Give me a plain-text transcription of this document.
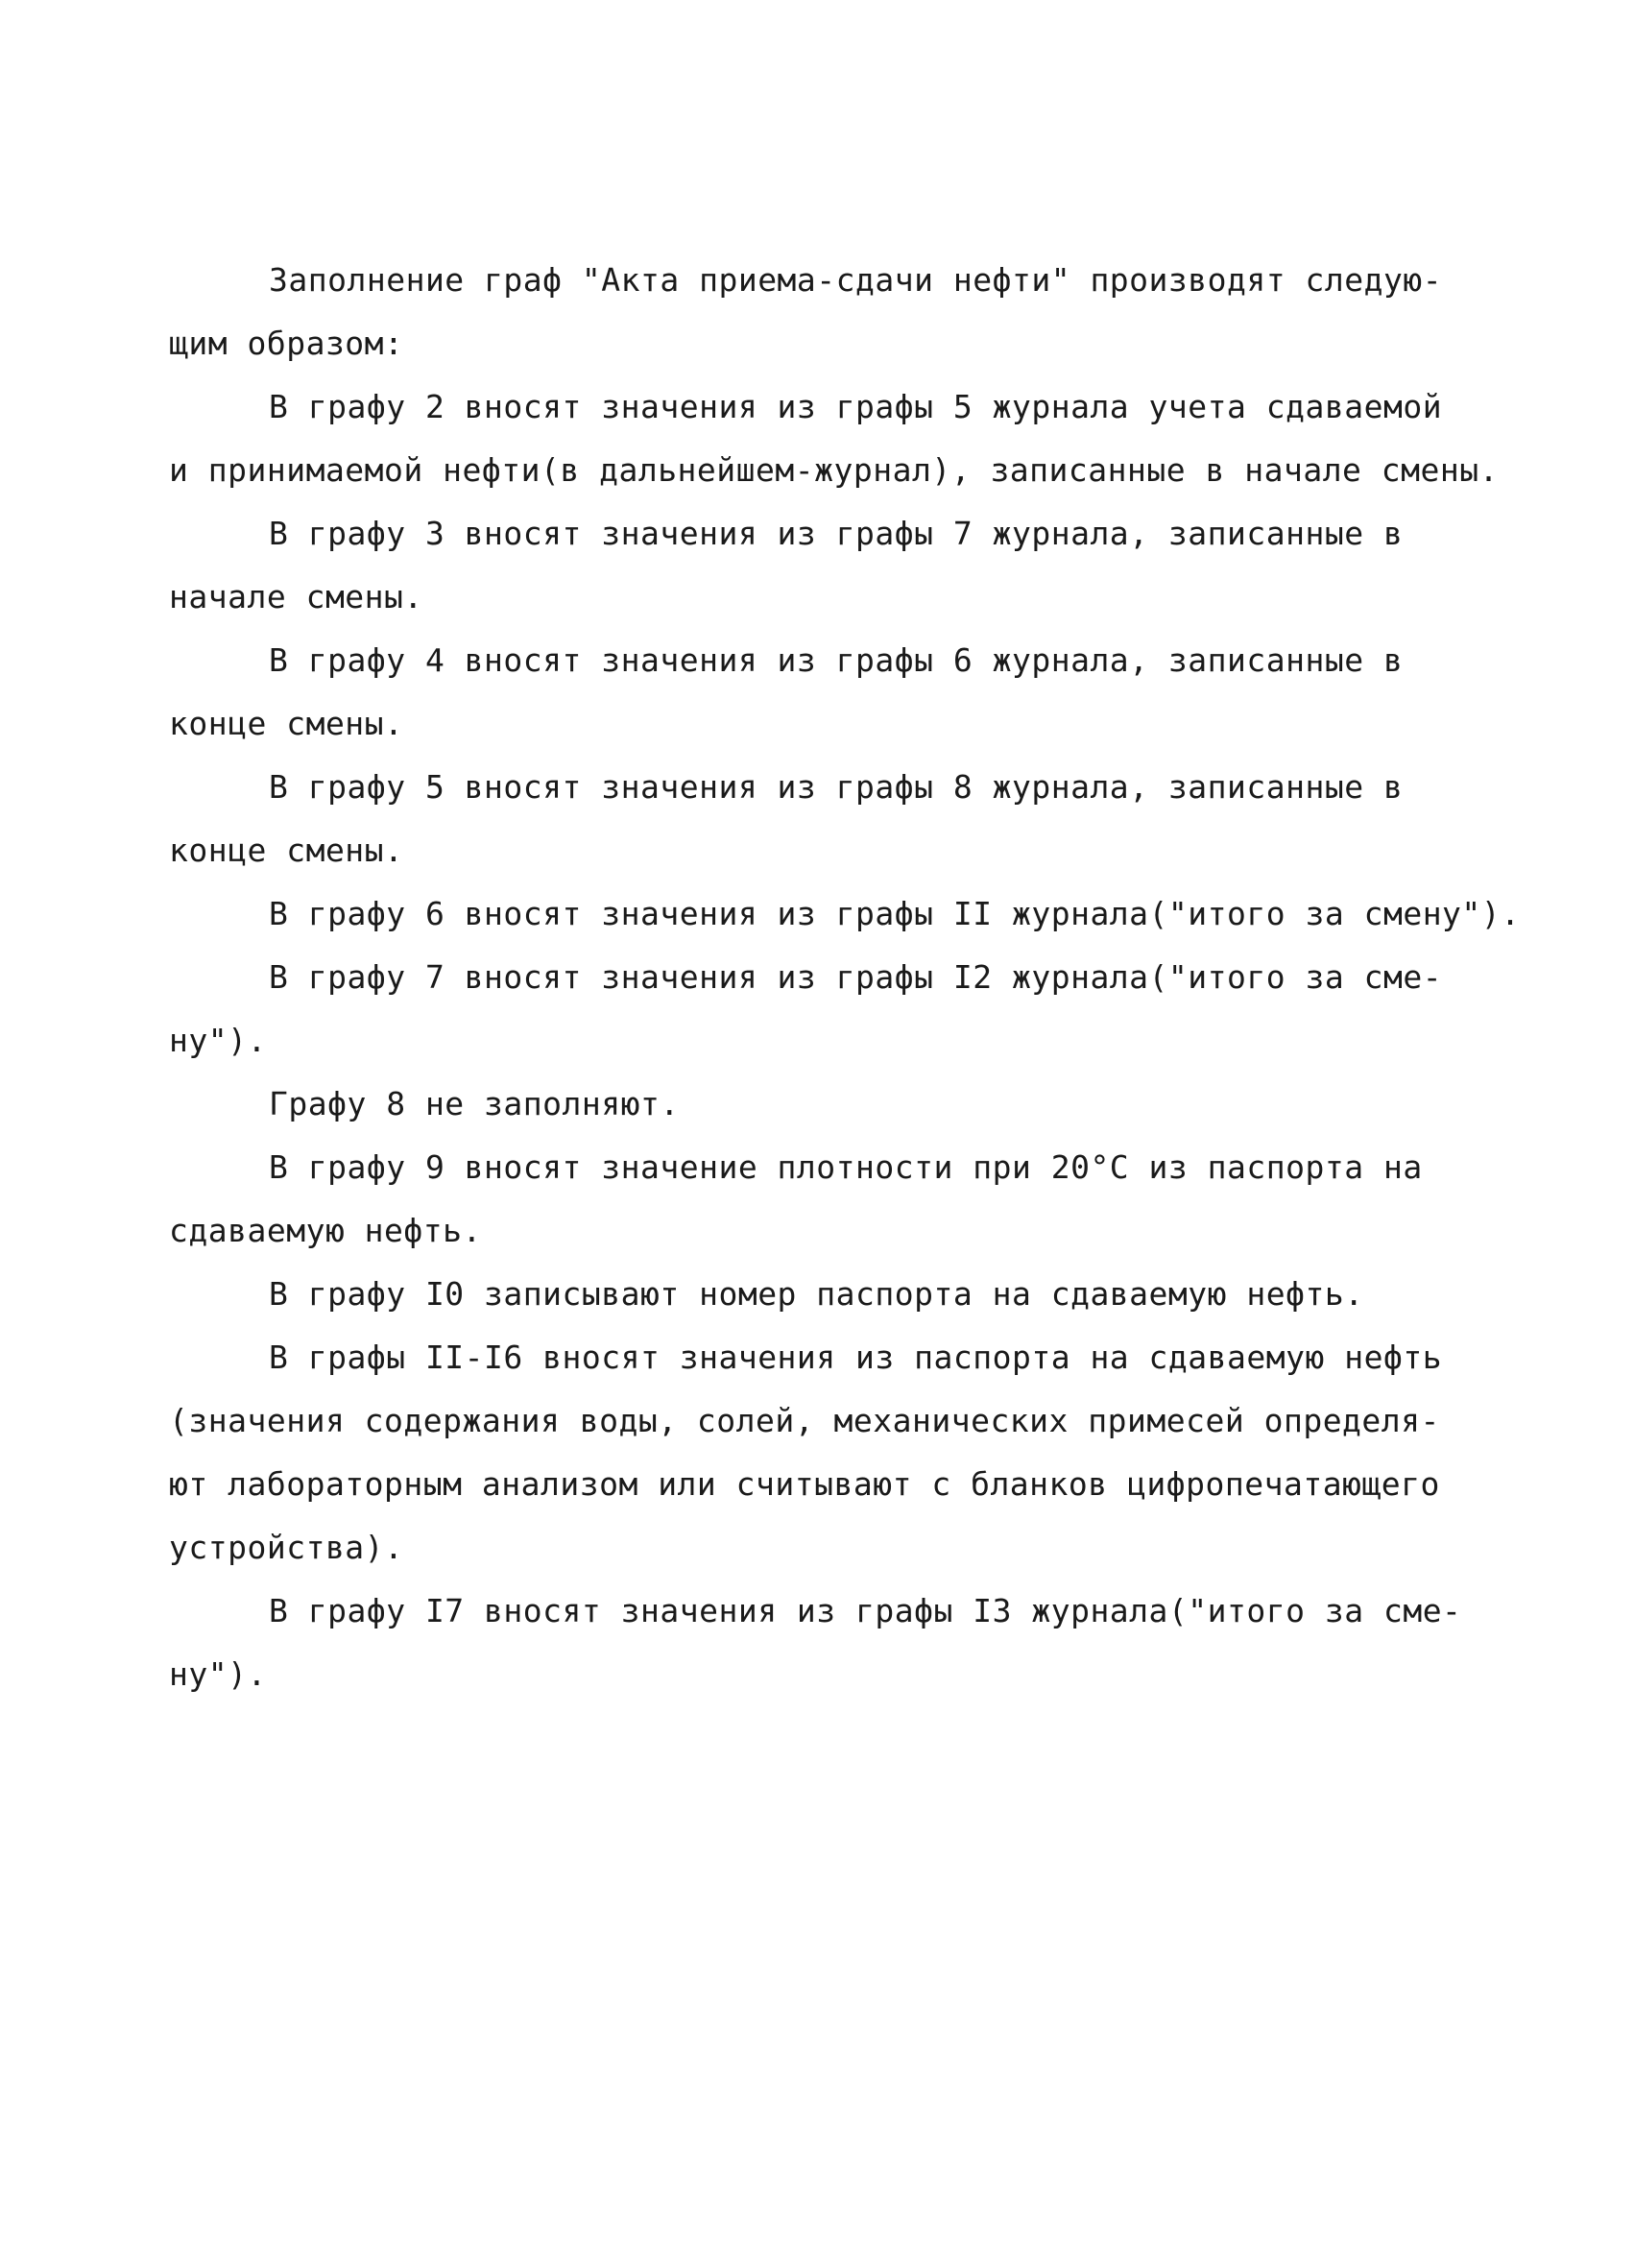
Заполнение граф "Акта приема-сдачи нефти" производят следую-
щим образом:
В графу 2 вносят значения из графы 5 журнала учета сдаваемой
и принимаемой нефти(в дальнейшем-журнал), записанные в начале смены.
В графу 3 вносят значения из графы 7 журнала, записанные в
начале смены.
В графу 4 вносят значения из графы 6 журнала, записанные в
конце смены.
В графу 5 вносят значения из графы 8 журнала, записанные в
конце смены.
В графу 6 вносят значения из графы II журнала("итого за смену").
В графу 7 вносят значения из графы I2 журнала("итого за сме-
ну").
Графу 8 не заполняют.
В графу 9 вносят значение плотности при 20°С из паспорта на
сдаваемую нефть.
В графу I0 записывают номер паспорта на сдаваемую нефть.
В графы II-I6 вносят значения из паспорта на сдаваемую нефть
(значения содержания воды, солей, механических примесей определя-
ют лабораторным анализом или считывают с бланков цифропечатающего
устройства).
В графу I7 вносят значения из графы I3 журнала("итого за сме-
ну").
